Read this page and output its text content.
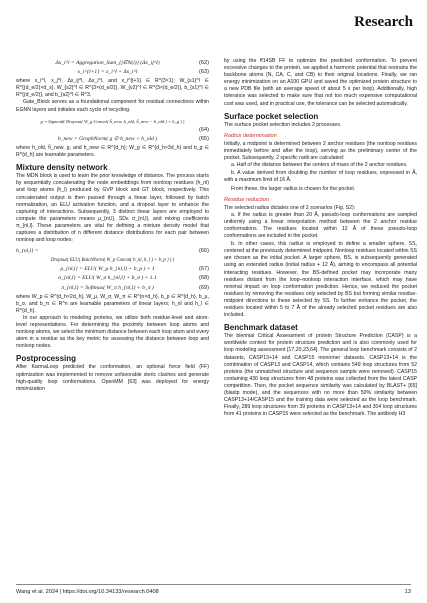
Research
Δx_i^l = Aggregation_Sum_{j∈N(i)} (Δx_ij^l)	(62)
x_i^{l+1} = x_i^l + Δx_i^l	(63)

where x_i^l, x_j^l, Δx_ij^l, Δx_i^l, and x_i^{l+1} ∈ R^{3×1}; W_{s1}^l ∈ R^{(d_e/2)×d_s}, W_{s2}^l ∈ R^{3×(d_e/2)}, W_{v2}^l ∈ R^{3×(d_e/2)}, b_{s1}^l ∈ R^{(d_e/2)}, and b_{s2}^l ∈ R^3.

Gate_Block serves as a foundational component for residual connections within EGNN layers and initiates each cycle of recycling.

g = Sigmoid( Dropout( W_g Concat( ĥ_new, h_old, ĥ_new − h_old ) + b_g ) )
(64)
h_new = GraphNorm( g ⊙ ĥ_new + h_old )	(65)

where h_old, ĥ_new, g, and h_new ∈ R^{d_h}; W_g ∈ R^{d_h×3d_h} and b_g ∈ R^{d_h} are learnable parameters.

Mixture density network

The MDN block is used to learn the prior knowledge of distance. The process starts by sequentially concatenating the node embeddings from nonloop residues (h_nl) and loop atoms (h_l) produced by GVP block and GT block, respectively. This concatenated output is then passed through a linear layer, followed by batch normalization, an ELU activation function, and a dropout layer to enhance the capturing of interactions. Subsequently, 3 distinct linear layers are employed to compute the parameters means μ_{nl,l}, SDs σ_{nl,l}, and mixing coefficients π_{nl,l}. These parameters are vital for defining a mixture density model that captures a distribution of n different distance distributions for each pair between nonloop and loop nodes:

h_{nl,l} =	(66)
Dropout( ELU( BatchNorm( W_p Concat( h_nl, h_l ) + b_p ) ) )
μ_{nl,l} = ELU( W_μ h_{nl,l} + b_μ ) + 1	(67)
σ_{nl,l} = ELU( W_σ h_{nl,l} + b_σ ) + 1.1	(68)
π_{nl,l} = Softmax( W_π h_{nl,l} + b_π )	(69)

where W_p ∈ R^{d_h×2d_h}, W_μ, W_σ, W_π ∈ R^{n×d_h}, b_p ∈ R^{d_h}, b_μ, b_σ, and b_π ∈ R^n are learnable parameters of linear layers; h_nl and h_l ∈ R^{d_h}.

In our approach to modeling proteins, we utilize both residue-level and atom-level representations. For determining the proximity between loop atoms and nonloop atoms, we select the minimum distance between each loop atom and every atom in a residue as the key metric for assessing the distance between loop and nonloop nodes.

Postprocessing

After KarmaLoop predicted the conformation, an optional force field (FF) optimization was implemented to remove unfavorable steric clashes and generate high-quality loop conformations. OpenMM [63] was deployed for energy minimization

by using the ff14SB FF to optimize the predicted conformation. To prevent excessive changes to the protein, we applied a harmonic potential that restrains the backbone atoms (N, CA, C, and CB) to their original locations. Finally, we ran energy minimization on an A100 GPU and saved the optimized protein structure to a new PDB file (with an average speed of about 5 s per loop). Additionally, high tolerance was selected to make sure that not too much expensive computational cost was used, and in practical use, the tolerance can be selected automatically.

Surface pocket selection

The surface pocket selection includes 2 processes.

Radius determination

Initially, a midpoint is determined between 2 anchor residues (the nonloop residues immediately before and after the loop), serving as the preliminary center of the pocket. Subsequently, 2 specific radii are calculated:

a. Half of the distance between the centers of mass of the 2 anchor residues.

b. A value derived from doubling the number of loop residues, expressed in Å, with a maximum limit of 16 Å.

From these, the larger radius is chosen for the pocket.

Residue reduction

The selected radius dictates one of 2 scenarios (Fig. S2):

a. If the radius is greater than 20 Å, pseudo-loop conformations are sampled uniformly using a linear interpolation method between the 2 anchor residue conformations. The residues located within 12 Å of these pseudo-loop conformations are included in the pocket.

b. In other cases, this radius is employed to define a smaller sphere, SS, centered at the previously determined midpoint. Nonloop residues located within SS are chosen as the initial pocket. A larger sphere, BS, is subsequently generated using an extended radius (initial radius + 12 Å), aiming to encompass all potential interacting residues. However, the BS-defined pocket may incorporate many residues distant from the loop–nonloop interaction interface, which may have minimal impact on loop conformation prediction. Hence, we reduced the pocket residues by removing the residues only selected by BS but forming similar residue-midpoint directions to these selected by SS. To further enhance the pocket, the residues located within 5 to 7 Å of the already selected pocket residues are also included.

Benchmark dataset

The biennial Critical Assessment of protein Structure Prediction (CASP) is a worldwide contest for protein structure prediction and is also commonly used for loop modeling assessment [17,20,23,64]. The general loop benchmark consists of 2 datasets, CASP13+14 and CASP15 monomer datasets. CASP13+14 is the combination of CASP13 and CASP14, which contains 549 loop structures from 52 proteins (the unmatched structure and sequence sample were removed). CASP15 containing 430 loop structures from 48 proteins was collected from the latest CASP competition. Then, the pocket sequence similarity was calculated by BLAST+ [65] (blastp mode), and the sequences with no more than 50% similarity between CASP13+14/CASP15 and the training data were selected as the loop benchmark. Finally, 289 loop structures from 39 proteins in CASP13+14 and 304 loop structures from 41 proteins in CASP15 were selected as the benchmark. The antibody H3

Wang et al. 2024 | https://doi.org/10.34133/research.0408	13
